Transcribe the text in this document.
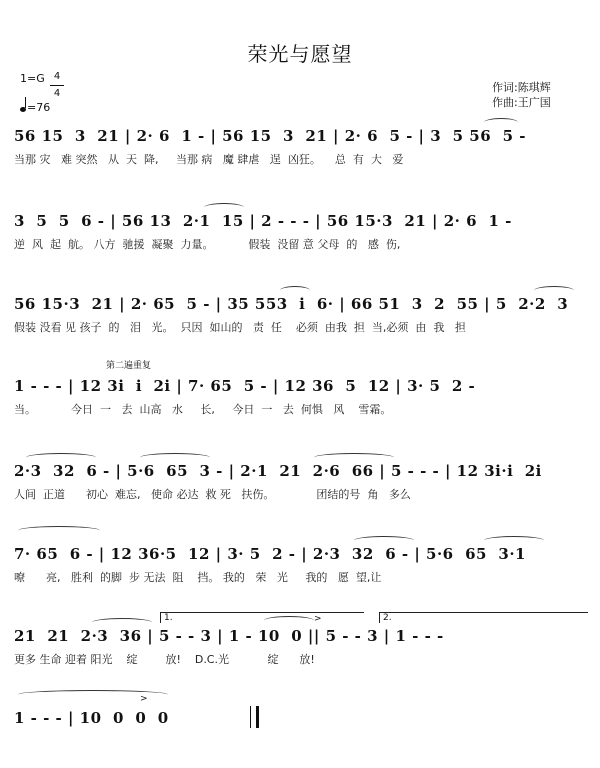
荣光与愿望
1=G 4
4
=76
作词:陈琪辉
作曲:王广国
56 15  3  21 | 2· 6  1 - | 56 15  3  21 | 2· 6  5 - | 3  5 56  5 -
当那 灾   难 突然   从  天  降,     当那 病   魔 肆虐   逞  凶狂。    总  有  大   爱
3  5  5  6 - | 56 13  2·1  15 | 2 - - - | 56 15·3  21 | 2· 6  1 -
逆  风  起  航。 八方  驰援  凝聚  力量。          假装  没留 意 父母  的   感  伤,
56 15·3  21 | 2· 65  5 - | 35 553  i  6· | 66 51  3  2  55 | 5  2·2  3
假装 没看 见 孩子  的   泪   光。  只因  如山的   责  任    必须  由我  担  当,必须  由  我   担
第二遍重复
1 - - - | 12 3i  i  2i | 7· 65  5 - | 12 36  5  12 | 3· 5  2 -
当。          今日  一   去  山高   水     长,     今日  一   去  何惧   风    雪霜。
2·3  32  6 - | 5·6  65  3 - | 2·1  21  2·6  66 | 5 - - - | 12 3i·i  2i
人间  正道      初心  难忘,   使命 必达  救 死   扶伤。            团结的号  角   多么
7· 65  6 - | 12 36·5  12 | 3· 5  2 - | 2·3  32  6 - | 5·6  65  3·1
嘹      亮,   胜利  的脚  步 无法  阻    挡。 我的   荣   光     我的   愿  望,让
1.	2.
21  21  2·3  36 | 5 - - 3 | 1 - 10  0 || 5 - - 3 | 1 - - -
更多 生命 迎着 阳光    绽        放!    D.C.光           绽      放!
>
1 - - - | 10  0  0  0
>
